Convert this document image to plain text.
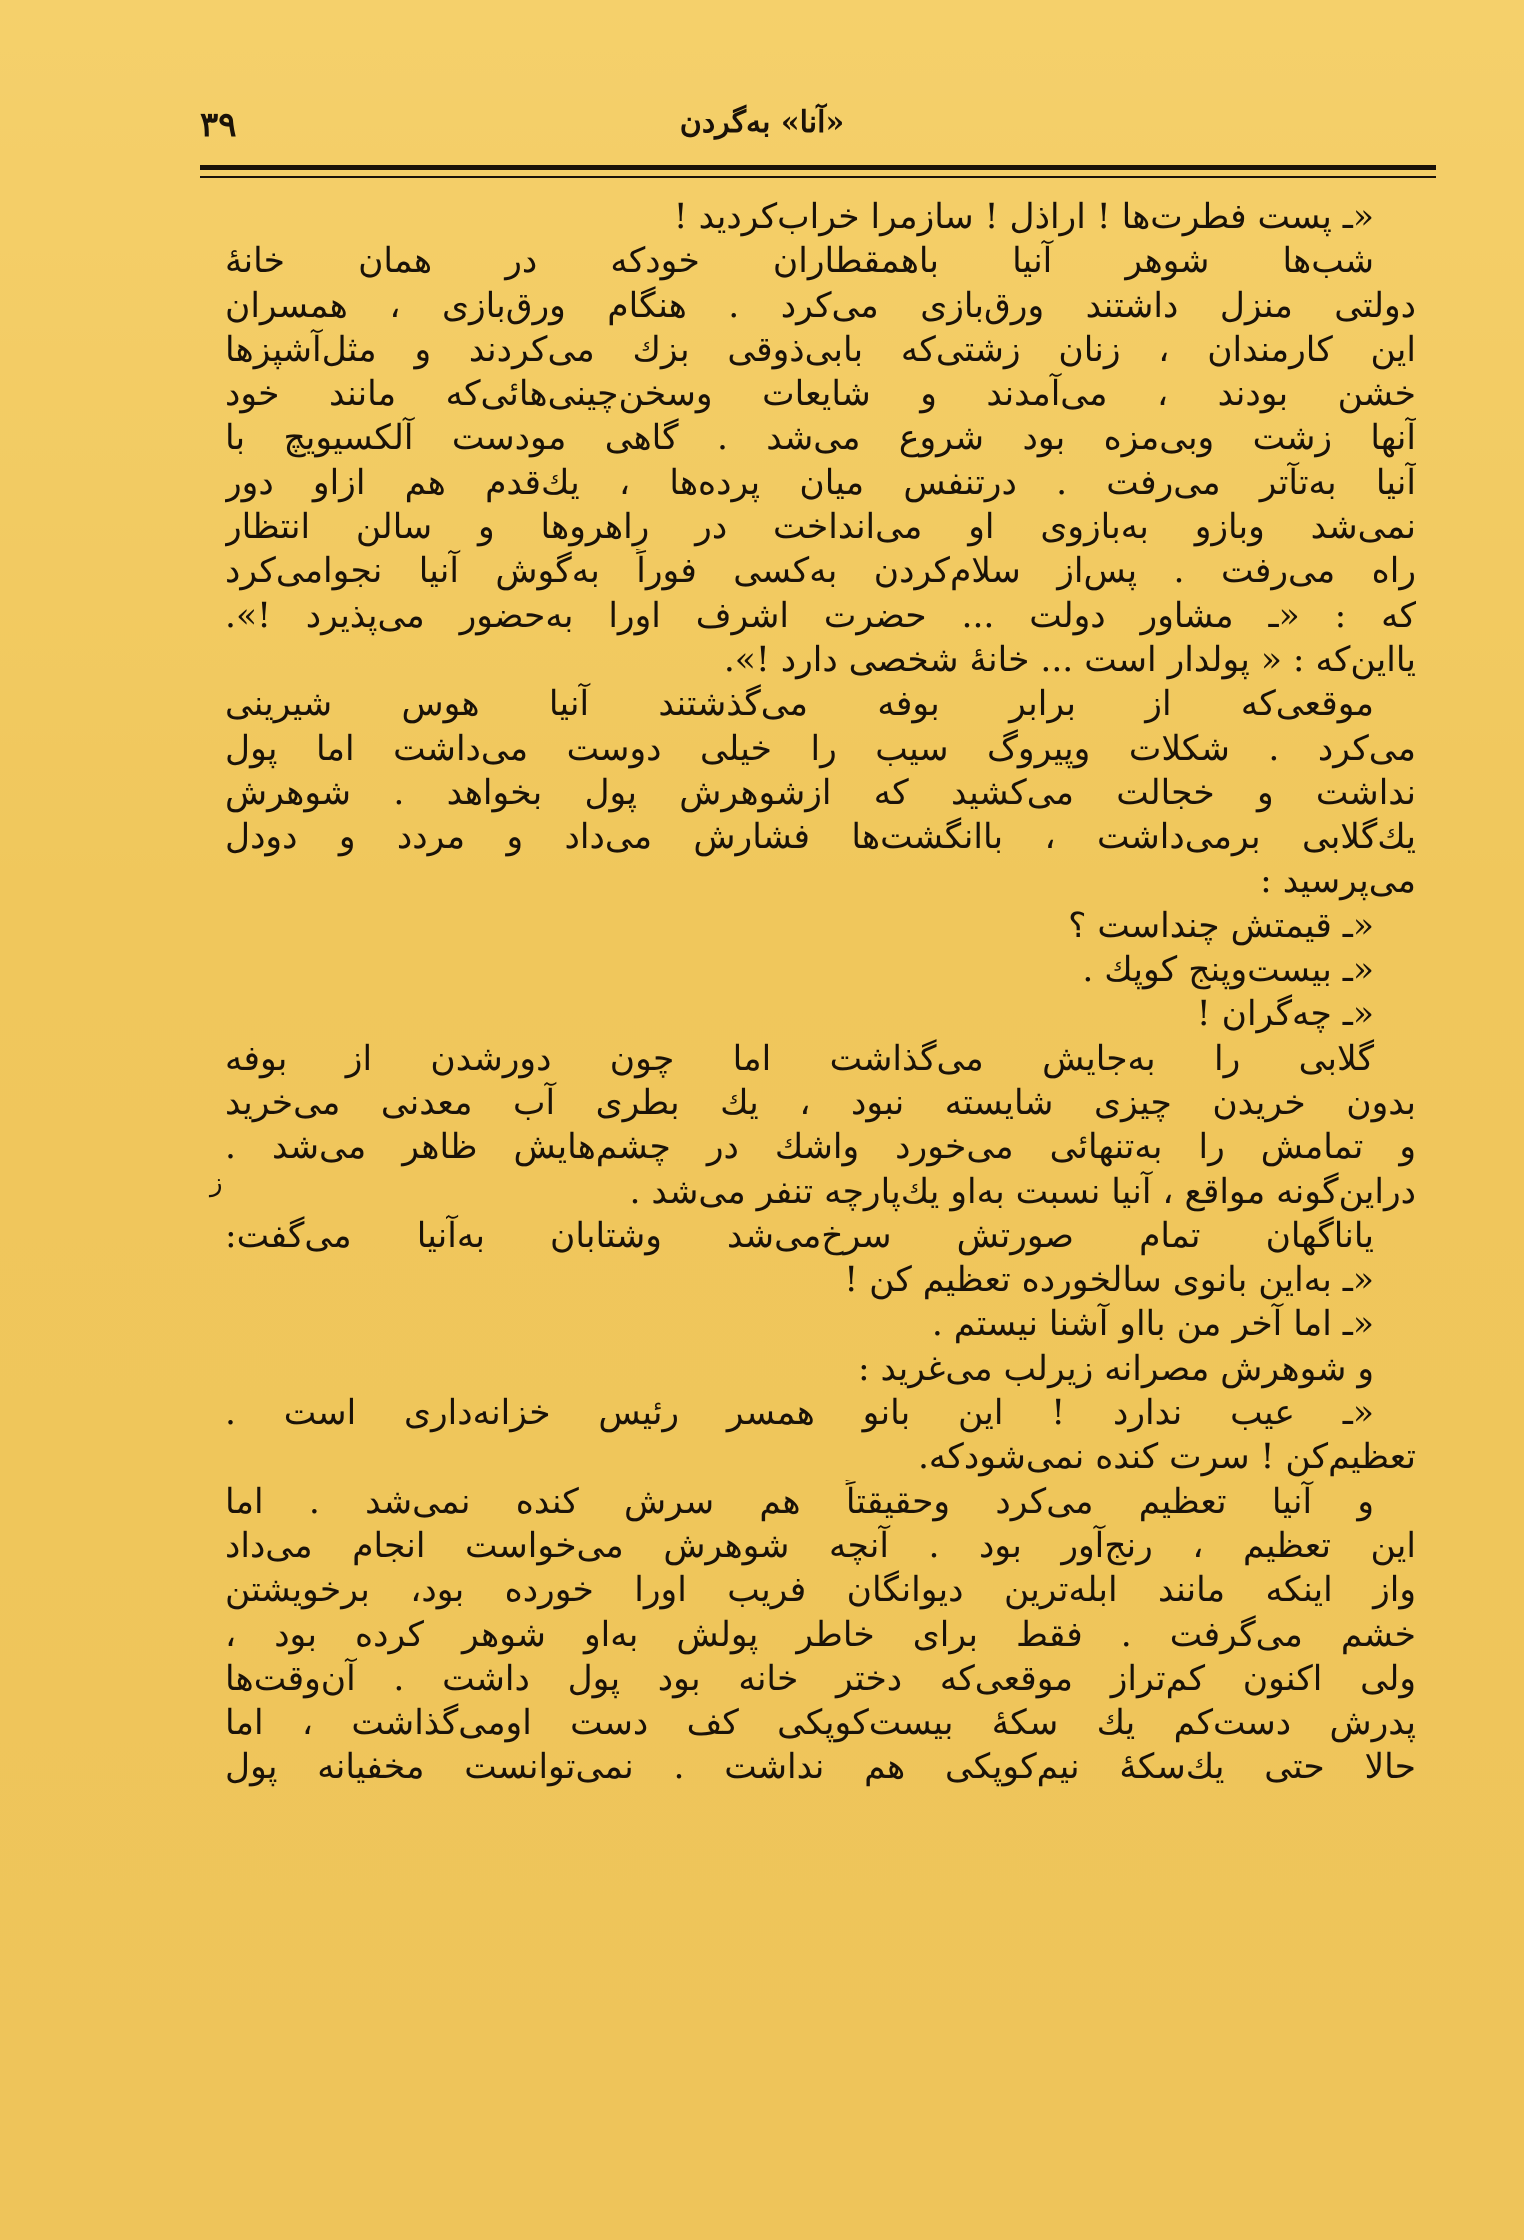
۳۹	«آنا» به‌گردن
ز
«ـ پست فطرت‌ها ! اراذل ! سازمرا خراب‌کردید !
شب‌ها شوهر آنیا باهمقطاران خودکه در همان خانهٔ
دولتی منزل داشتند ورق‌بازی می‌کرد . هنگام ورق‌بازی ، همسران
این کارمندان ، زنان زشتی‌که بابی‌ذوقی بزك می‌کردند و مثل‌آشپزها
خشن بودند ، می‌آمدند و شایعات وسخن‌چینی‌هائی‌که مانند خود
آنها زشت وبی‌مزه بود شروع می‌شد . گاهی مودست آلکسیویچ با
آنیا به‌تآتر می‌رفت . درتنفس میان پرده‌ها ، یك‌قدم هم ازاو دور
نمی‌شد وبازو به‌بازوی او می‌انداخت در راهروها و سالن انتظار
راه می‌رفت . پس‌از سلام‌کردن به‌کسی فوراً به‌گوش آنیا نجوامی‌کرد
که : «ـ مشاور دولت ... حضرت اشرف اورا به‌حضور می‌پذیرد !».
یااین‌که : « پولدار است ... خانهٔ شخصی دارد !».
موقعی‌که از برابر بوفه می‌گذشتند آنیا هوس شیرینی
می‌کرد . شکلات وپیروگ سیب را خیلی دوست می‌داشت اما پول
نداشت و خجالت می‌کشید که ازشوهرش پول بخواهد . شوهرش
یك‌گلابی برمی‌داشت ، باانگشت‌ها فشارش می‌داد و مردد و دودل
می‌پرسید :
«ـ قیمتش چنداست ؟
«ـ بیست‌وپنج کوپك .
«ـ چه‌گران !
گلابی را به‌جایش می‌گذاشت اما چون دورشدن از بوفه
بدون خریدن چیزی شایسته نبود ، یك بطری آب معدنی می‌خرید
و تمامش را به‌تنهائی می‌خورد واشك در چشم‌هایش ظاهر می‌شد .
دراین‌گونه مواقع ، آنیا نسبت به‌او یك‌پارچه تنفر می‌شد .
یاناگهان تمام صورتش سرخ‌می‌شد وشتابان به‌آنیا می‌گفت:
«ـ به‌این بانوی سالخورده تعظیم کن !
«ـ اما آخر من بااو آشنا نیستم .
و شوهرش مصرانه زیرلب می‌غرید :
«ـ عیب ندارد ! این بانو همسر رئیس خزانه‌داری است .
تعظیم‌کن ! سرت کنده نمی‌شودکه.
و آنیا تعظیم می‌کرد وحقیقتاً هم سرش کنده نمی‌شد . اما
این تعظیم ، رنج‌آور بود . آنچه شوهرش می‌خواست انجام می‌داد
واز اینکه مانند ابله‌ترین دیوانگان فریب اورا خورده بود، برخویشتن
خشم می‌گرفت . فقط برای خاطر پولش به‌او شوهر کرده بود ،
ولی اکنون کم‌تراز موقعی‌که دختر خانه بود پول داشت . آن‌وقت‌ها
پدرش دست‌کم یك سکهٔ بیست‌کوپکی کف دست اومی‌گذاشت ، اما
حالا حتی یك‌سکهٔ نیم‌کوپکی هم نداشت . نمی‌توانست مخفیانه پول
